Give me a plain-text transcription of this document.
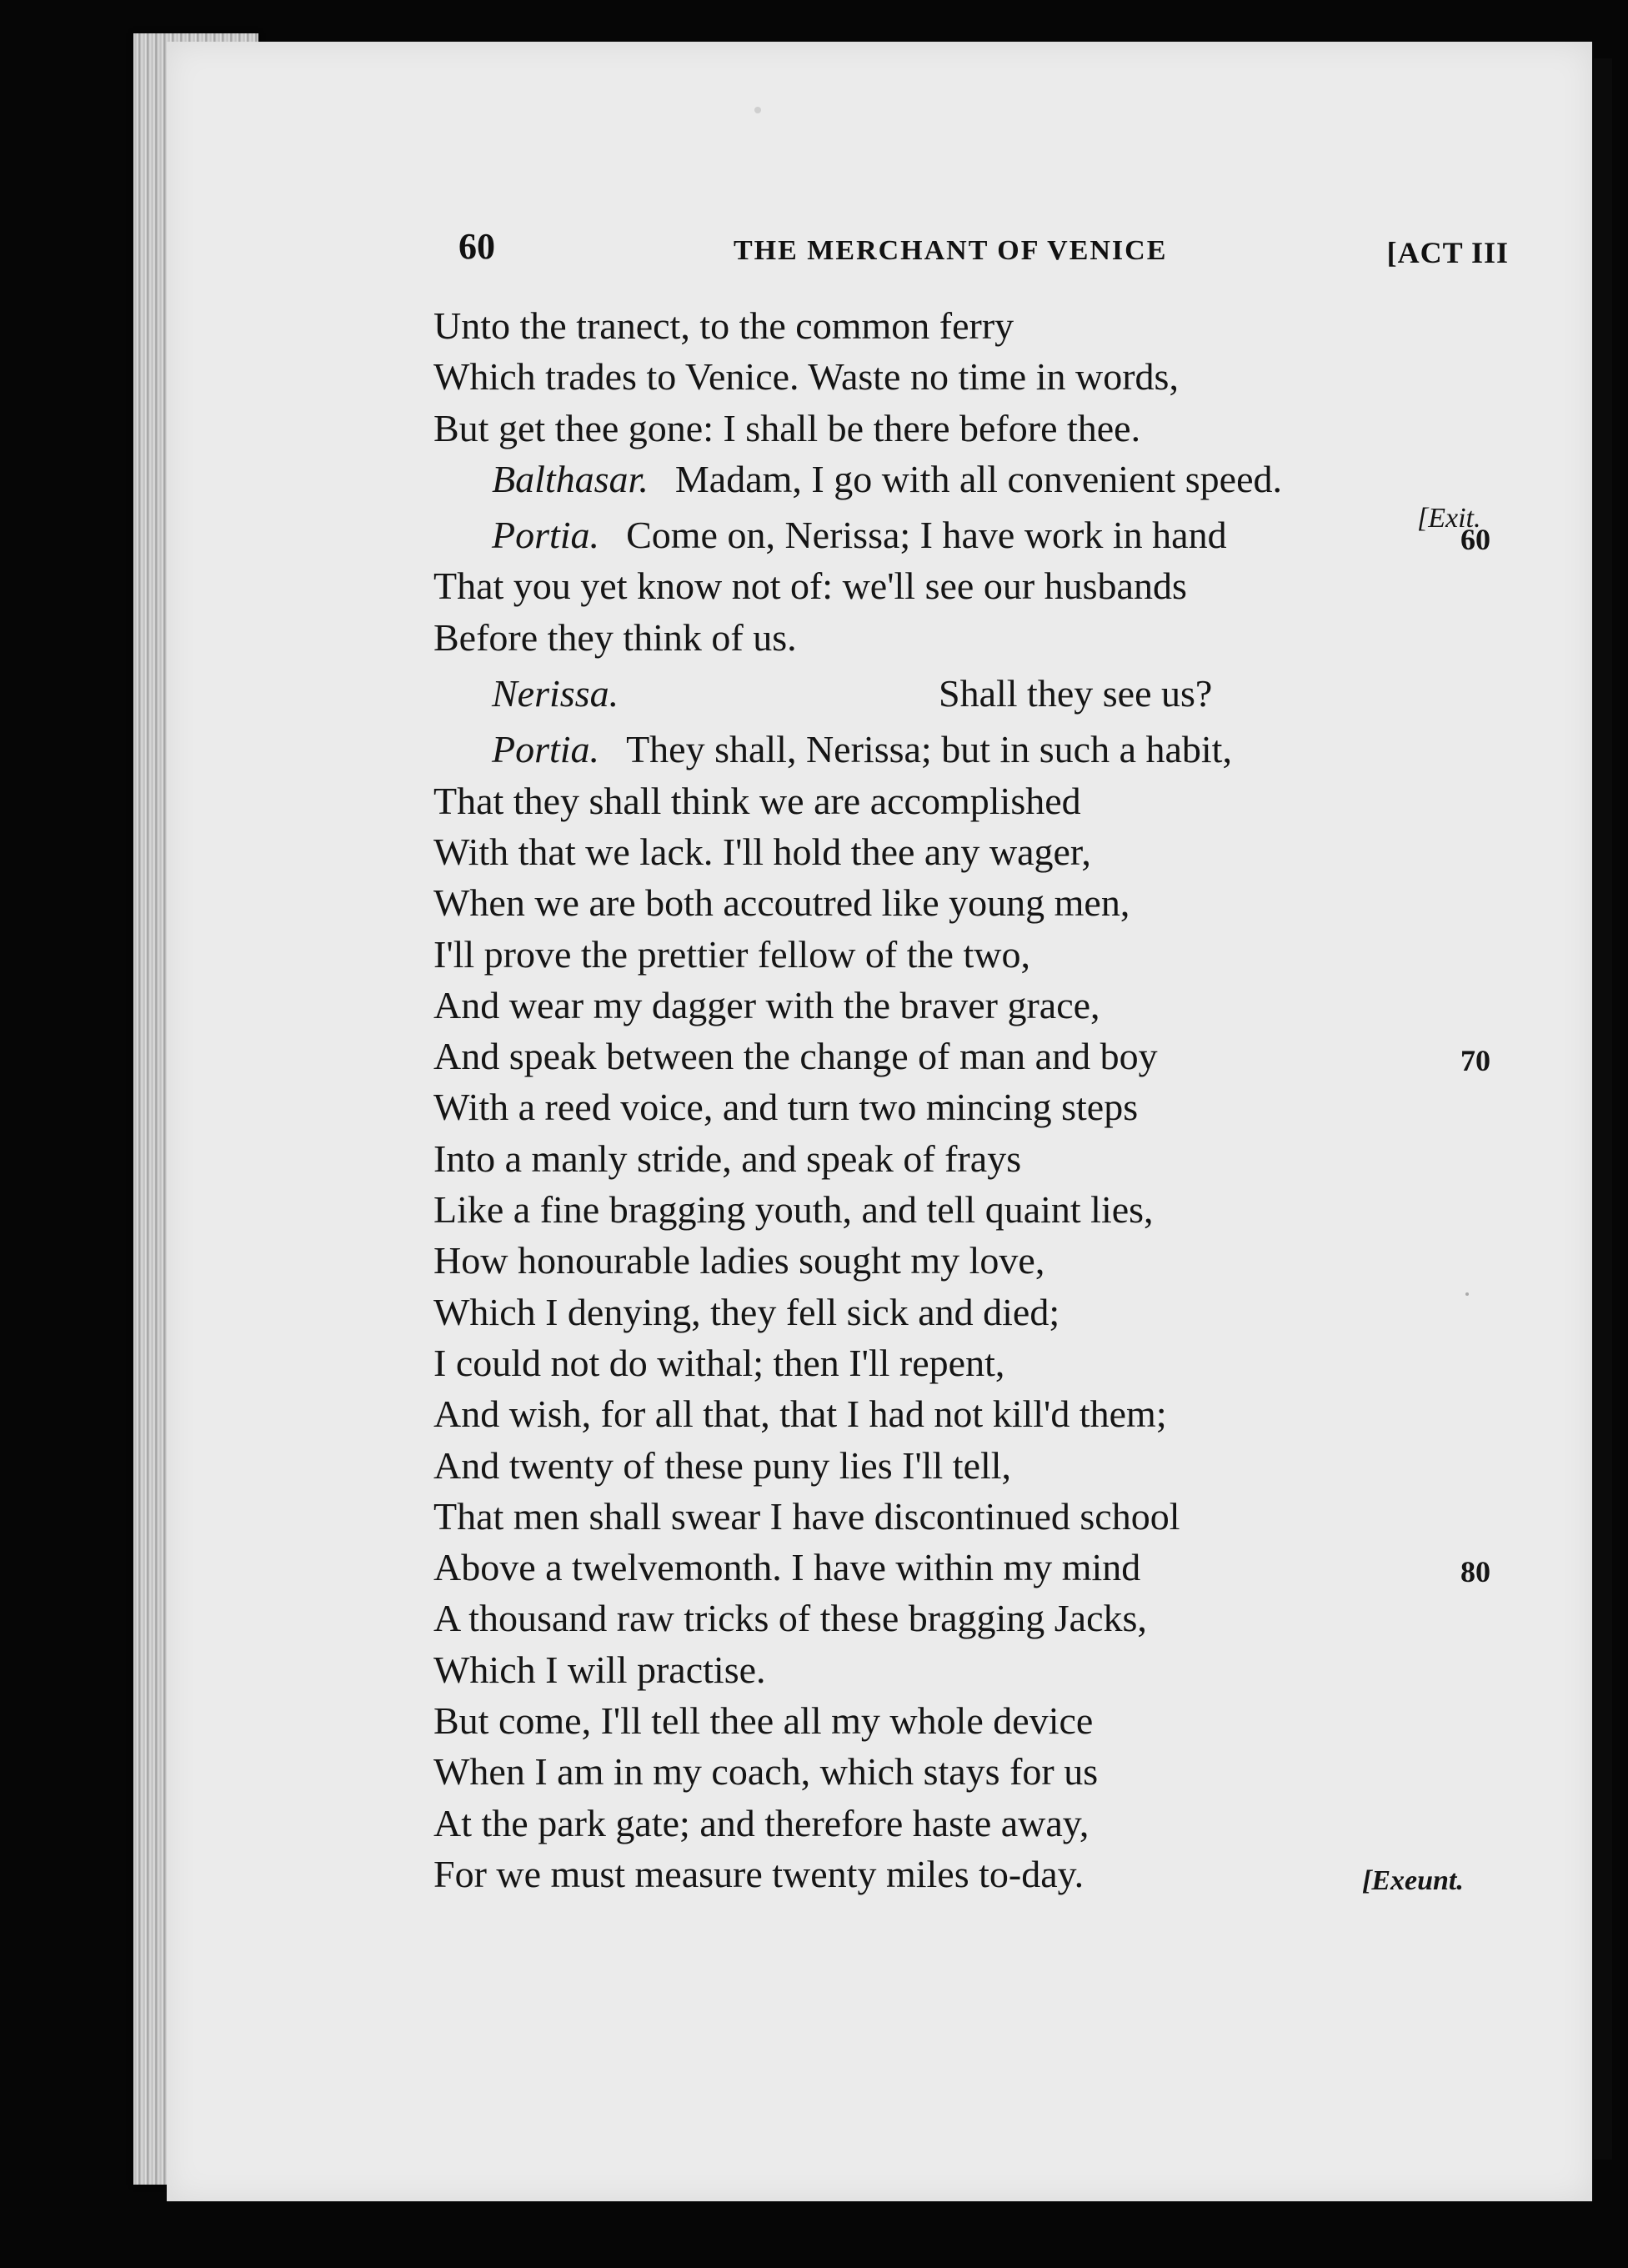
60	THE MERCHANT OF VENICE	[ACT III
Unto the tranect, to the common ferry
Which trades to Venice. Waste no time in words,
But get thee gone: I shall be there before thee.
Balthasar. Madam, I go with all convenient speed.
Portia. Come on, Nerissa; I have work in hand	[Exit.
60
That you yet know not of: we'll see our husbands
Before they think of us.
Nerissa.	Shall they see us?
Portia. They shall, Nerissa; but in such a habit,
That they shall think we are accomplished
With that we lack. I'll hold thee any wager,
When we are both accoutred like young men,
I'll prove the prettier fellow of the two,
And wear my dagger with the braver grace,
And speak between the change of man and boy	70
With a reed voice, and turn two mincing steps
Into a manly stride, and speak of frays
Like a fine bragging youth, and tell quaint lies,
How honourable ladies sought my love,
Which I denying, they fell sick and died;
I could not do withal; then I'll repent,
And wish, for all that, that I had not kill'd them;
And twenty of these puny lies I'll tell,
That men shall swear I have discontinued school
Above a twelvemonth. I have within my mind	80
A thousand raw tricks of these bragging Jacks,
Which I will practise.
But come, I'll tell thee all my whole device
When I am in my coach, which stays for us
At the park gate; and therefore haste away,
For we must measure twenty miles to-day.	[Exeunt.
